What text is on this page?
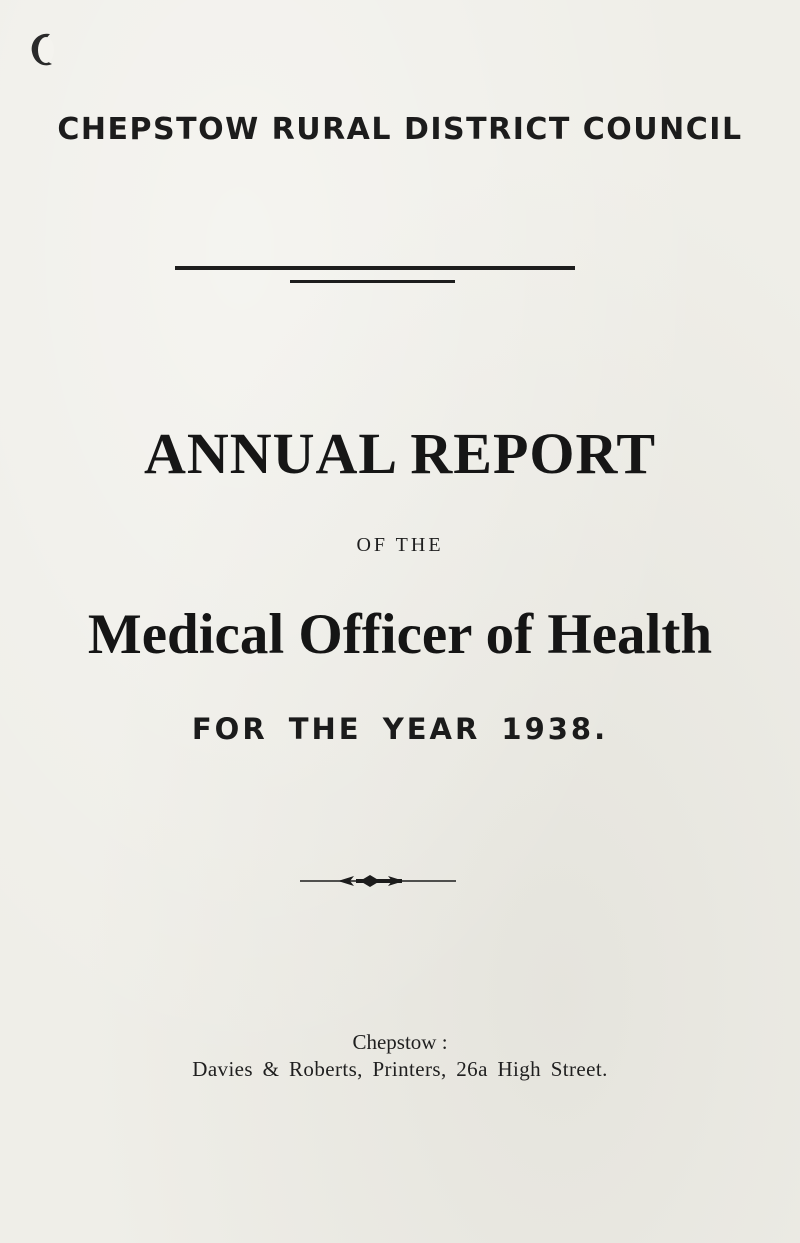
CHEPSTOW RURAL DISTRICT COUNCIL
ANNUAL REPORT
OF THE
Medical Officer of Health
FOR THE YEAR 1938.
Chepstow :
Davies & Roberts, Printers, 26a High Street.
